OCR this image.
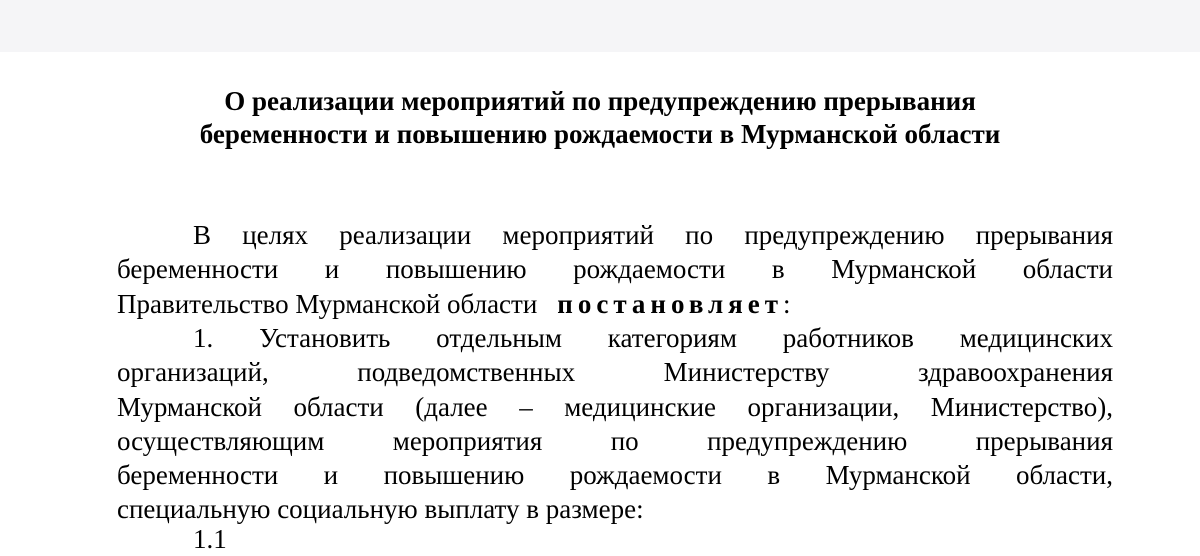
О реализации мероприятий по предупреждению прерывания
беременности и повышению рождаемости в Мурманской области
В целях реализации мероприятий по предупреждению прерывания
беременности и повышению рождаемости в Мурманской области
Правительство Мурманской области постановляет:
1. Установить отдельным категориям работников медицинских
организаций, подведомственных Министерству здравоохранения
Мурманской области (далее – медицинские организации, Министерство),
осуществляющим мероприятия по предупреждению прерывания
беременности и повышению рождаемости в Мурманской области,
специальную социальную выплату в размере:
1.1
